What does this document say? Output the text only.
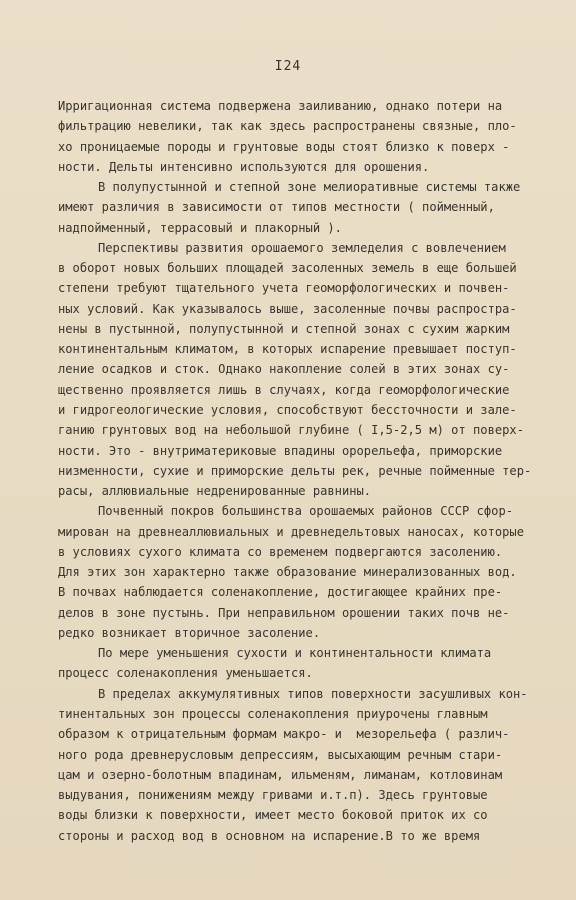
I24
Ирригационная система подвержена заиливанию, однако потери на
фильтрацию невелики, так как здесь распространены связные, пло-
хо проницаемые породы и грунтовые воды стоят близко к поверх -
ности. Дельты интенсивно используются для орошения.
В полупустынной и степной зоне мелиоративные системы также
имеют различия в зависимости от типов местности ( пойменный,
надпойменный, террасовый и плакорный ).
Перспективы развития орошаемого земледелия с вовлечением
в оборот новых больших площадей засоленных земель в еще большей
степени требуют тщательного учета геоморфологических и почвен-
ных условий. Как указывалось выше, засоленные почвы распростра-
нены в пустынной, полупустынной и степной зонах с сухим жарким
континентальным климатом, в которых испарение превышает поступ-
ление осадков и сток. Однако накопление солей в этих зонах су-
щественно проявляется лишь в случаях, когда геоморфологические
и гидрогеологические условия, способствуют бессточности и зале-
ганию грунтовых вод на небольшой глубине ( I,5-2,5 м) от поверх-
ности. Это - внутриматериковые впадины орорельефа, приморские
низменности, сухие и приморские дельты рек, речные пойменные тер-
расы, аллювиальные недренированные равнины.
Почвенный покров большинства орошаемых районов СССР сфор-
мирован на древнеаллювиальных и древнедельтовых наносах, которые
в условиях сухого климата со временем подвергаются засолению.
Для этих зон характерно также образование минерализованных вод.
В почвах наблюдается соленакопление, достигающее крайних пре-
делов в зоне пустынь. При неправильном орошении таких почв не-
редко возникает вторичное засоление.
По мере уменьшения сухости и континентальности климата
процесс соленакопления уменьшается.
В пределах аккумулятивных типов поверхности засушливых кон-
тинентальных зон процессы соленакопления приурочены главным
образом к отрицательным формам макро- и  мезорельефа ( различ-
ного рода древнерусловым депрессиям, высыхающим речным стари-
цам и озерно-болотным впадинам, ильменям, лиманам, котловинам
выдувания, понижениям между гривами и.т.п). Здесь грунтовые
воды близки к поверхности, имеет место боковой приток их со
стороны и расход вод в основном на испарение.В то же время
